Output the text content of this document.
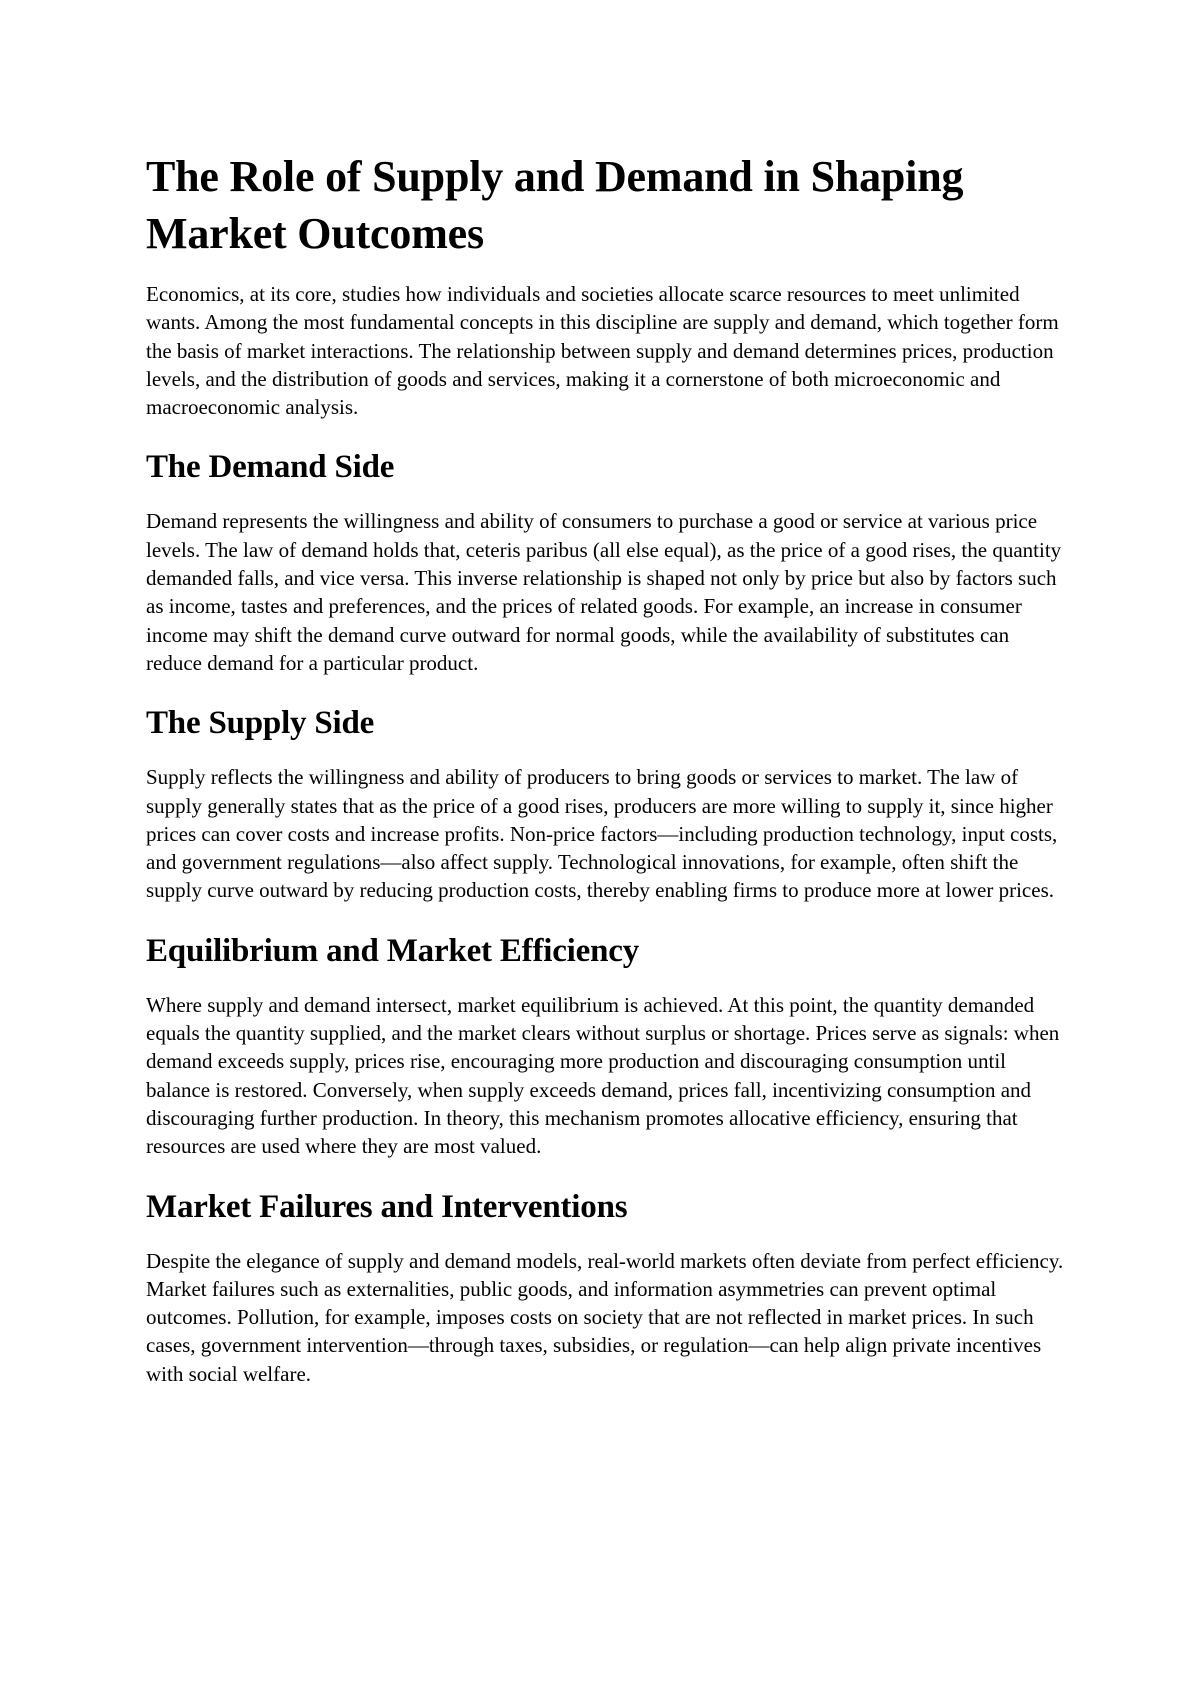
The Role of Supply and Demand in Shaping Market Outcomes

Economics, at its core, studies how individuals and societies allocate scarce resources to meet unlimited wants. Among the most fundamental concepts in this discipline are supply and demand, which together form the basis of market interactions. The relationship between supply and demand determines prices, production levels, and the distribution of goods and services, making it a cornerstone of both microeconomic and macroeconomic analysis.

The Demand Side

Demand represents the willingness and ability of consumers to purchase a good or service at various price levels. The law of demand holds that, ceteris paribus (all else equal), as the price of a good rises, the quantity demanded falls, and vice versa. This inverse relationship is shaped not only by price but also by factors such as income, tastes and preferences, and the prices of related goods. For example, an increase in consumer income may shift the demand curve outward for normal goods, while the availability of substitutes can reduce demand for a particular product.

The Supply Side

Supply reflects the willingness and ability of producers to bring goods or services to market. The law of supply generally states that as the price of a good rises, producers are more willing to supply it, since higher prices can cover costs and increase profits. Non-price factors—including production technology, input costs, and government regulations—also affect supply. Technological innovations, for example, often shift the supply curve outward by reducing production costs, thereby enabling firms to produce more at lower prices.

Equilibrium and Market Efficiency

Where supply and demand intersect, market equilibrium is achieved. At this point, the quantity demanded equals the quantity supplied, and the market clears without surplus or shortage. Prices serve as signals: when demand exceeds supply, prices rise, encouraging more production and discouraging consumption until balance is restored. Conversely, when supply exceeds demand, prices fall, incentivizing consumption and discouraging further production. In theory, this mechanism promotes allocative efficiency, ensuring that resources are used where they are most valued.

Market Failures and Interventions

Despite the elegance of supply and demand models, real-world markets often deviate from perfect efficiency. Market failures such as externalities, public goods, and information asymmetries can prevent optimal outcomes. Pollution, for example, imposes costs on society that are not reflected in market prices. In such cases, government intervention—through taxes, subsidies, or regulation—can help align private incentives with social welfare.
